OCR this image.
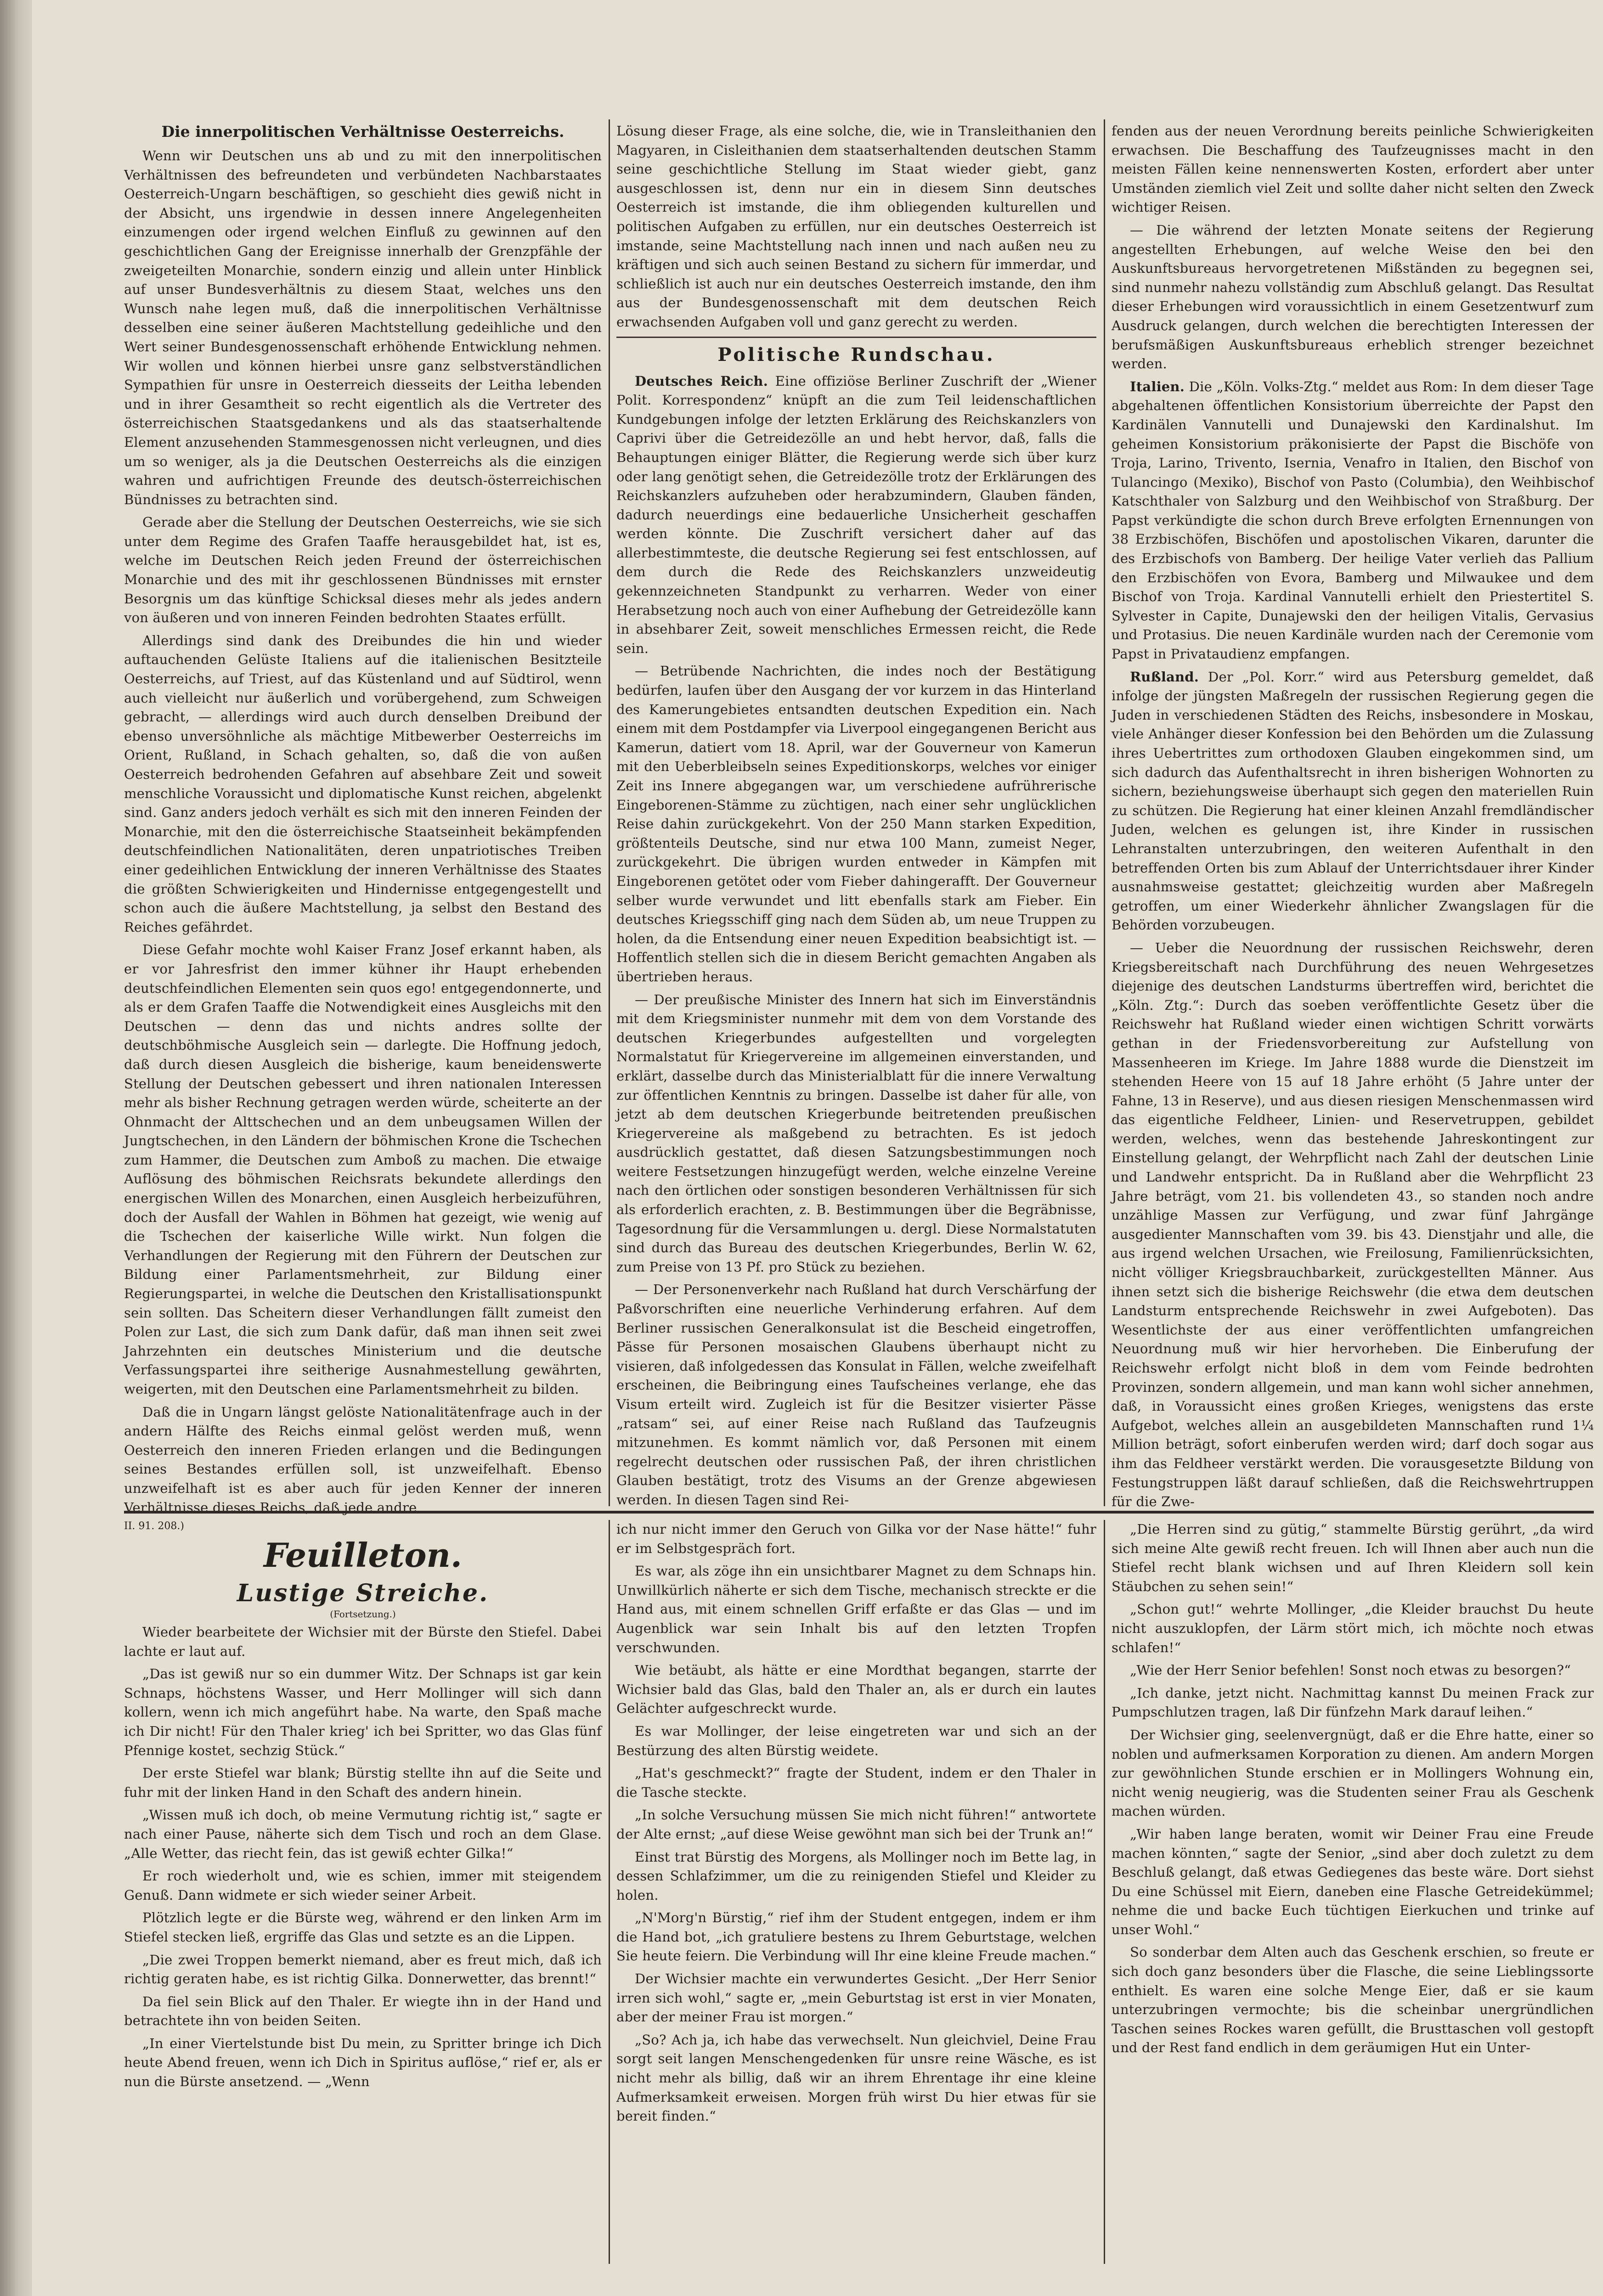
Die innerpolitischen Verhältnisse Oesterreichs.

Wenn wir Deutschen uns ab und zu mit den innerpolitischen Verhältnissen des befreundeten und verbündeten Nachbarstaates Oesterreich-Ungarn beschäftigen, so geschieht dies gewiß nicht in der Absicht, uns irgendwie in dessen innere Angelegenheiten einzumengen oder irgend welchen Einfluß zu gewinnen auf den geschichtlichen Gang der Ereignisse innerhalb der Grenzpfähle der zweigeteilten Monarchie, sondern einzig und allein unter Hinblick auf unser Bundesverhältnis zu diesem Staat, welches uns den Wunsch nahe legen muß, daß die innerpolitischen Verhältnisse desselben eine seiner äußeren Machtstellung gedeihliche und den Wert seiner Bundesgenossenschaft erhöhende Entwicklung nehmen. Wir wollen und können hierbei unsre ganz selbstverständlichen Sympathien für unsre in Oesterreich diesseits der Leitha lebenden und in ihrer Gesamtheit so recht eigentlich als die Vertreter des österreichischen Staatsgedankens und als das staatserhaltende Element anzusehenden Stammesgenossen nicht verleugnen, und dies um so weniger, als ja die Deutschen Oesterreichs als die einzigen wahren und aufrichtigen Freunde des deutsch-österreichischen Bündnisses zu betrachten sind.

Gerade aber die Stellung der Deutschen Oesterreichs, wie sie sich unter dem Regime des Grafen Taaffe herausgebildet hat, ist es, welche im Deutschen Reich jeden Freund der österreichischen Monarchie und des mit ihr geschlossenen Bündnisses mit ernster Besorgnis um das künftige Schicksal dieses mehr als jedes andern von äußeren und von inneren Feinden bedrohten Staates erfüllt.

Allerdings sind dank des Dreibundes die hin und wieder auftauchenden Gelüste Italiens auf die italienischen Besitzteile Oesterreichs, auf Triest, auf das Küstenland und auf Südtirol, wenn auch vielleicht nur äußerlich und vorübergehend, zum Schweigen gebracht, — allerdings wird auch durch denselben Dreibund der ebenso unversöhnliche als mächtige Mitbewerber Oesterreichs im Orient, Rußland, in Schach gehalten, so, daß die von außen Oesterreich bedrohenden Gefahren auf absehbare Zeit und soweit menschliche Voraussicht und diplomatische Kunst reichen, abgelenkt sind. Ganz anders jedoch verhält es sich mit den inneren Feinden der Monarchie, mit den die österreichische Staatseinheit bekämpfenden deutschfeindlichen Nationalitäten, deren unpatriotisches Treiben einer gedeihlichen Entwicklung der inneren Verhältnisse des Staates die größten Schwierigkeiten und Hindernisse entgegengestellt und schon auch die äußere Machtstellung, ja selbst den Bestand des Reiches gefährdet.

Diese Gefahr mochte wohl Kaiser Franz Josef erkannt haben, als er vor Jahresfrist den immer kühner ihr Haupt erhebenden deutschfeindlichen Elementen sein quos ego! entgegendonnerte, und als er dem Grafen Taaffe die Notwendigkeit eines Ausgleichs mit den Deutschen — denn das und nichts andres sollte der deutschböhmische Ausgleich sein — darlegte. Die Hoffnung jedoch, daß durch diesen Ausgleich die bisherige, kaum beneidenswerte Stellung der Deutschen gebessert und ihren nationalen Interessen mehr als bisher Rechnung getragen werden würde, scheiterte an der Ohnmacht der Alttschechen und an dem unbeugsamen Willen der Jungtschechen, in den Ländern der böhmischen Krone die Tschechen zum Hammer, die Deutschen zum Amboß zu machen. Die etwaige Auflösung des böhmischen Reichsrats bekundete allerdings den energischen Willen des Monarchen, einen Ausgleich herbeizuführen, doch der Ausfall der Wahlen in Böhmen hat gezeigt, wie wenig auf die Tschechen der kaiserliche Wille wirkt. Nun folgen die Verhandlungen der Regierung mit den Führern der Deutschen zur Bildung einer Parlamentsmehrheit, zur Bildung einer Regierungspartei, in welche die Deutschen den Kristallisationspunkt sein sollten. Das Scheitern dieser Verhandlungen fällt zumeist den Polen zur Last, die sich zum Dank dafür, daß man ihnen seit zwei Jahrzehnten ein deutsches Ministerium und die deutsche Verfassungspartei ihre seitherige Ausnahmestellung gewährten, weigerten, mit den Deutschen eine Parlamentsmehrheit zu bilden.

Daß die in Ungarn längst gelöste Nationalitätenfrage auch in der andern Hälfte des Reichs einmal gelöst werden muß, wenn Oesterreich den inneren Frieden erlangen und die Bedingungen seines Bestandes erfüllen soll, ist unzweifelhaft. Ebenso unzweifelhaft ist es aber auch für jeden Kenner der inneren Verhältnisse dieses Reichs, daß jede andre

Lösung dieser Frage, als eine solche, die, wie in Transleithanien den Magyaren, in Cisleithanien dem staatserhaltenden deutschen Stamm seine geschichtliche Stellung im Staat wieder giebt, ganz ausgeschlossen ist, denn nur ein in diesem Sinn deutsches Oesterreich ist imstande, die ihm obliegenden kulturellen und politischen Aufgaben zu erfüllen, nur ein deutsches Oesterreich ist imstande, seine Machtstellung nach innen und nach außen neu zu kräftigen und sich auch seinen Bestand zu sichern für immerdar, und schließlich ist auch nur ein deutsches Oesterreich imstande, den ihm aus der Bundesgenossenschaft mit dem deutschen Reich erwachsenden Aufgaben voll und ganz gerecht zu werden.

Politische Rundschau.

Deutsches Reich. Eine offiziöse Berliner Zuschrift der „Wiener Polit. Korrespondenz“ knüpft an die zum Teil leidenschaftlichen Kundgebungen infolge der letzten Erklärung des Reichskanzlers von Caprivi über die Getreidezölle an und hebt hervor, daß, falls die Behauptungen einiger Blätter, die Regierung werde sich über kurz oder lang genötigt sehen, die Getreidezölle trotz der Erklärungen des Reichskanzlers aufzuheben oder herabzumindern, Glauben fänden, dadurch neuerdings eine bedauerliche Unsicherheit geschaffen werden könnte. Die Zuschrift versichert daher auf das allerbestimmteste, die deutsche Regierung sei fest entschlossen, auf dem durch die Rede des Reichskanzlers unzweideutig gekennzeichneten Standpunkt zu verharren. Weder von einer Herabsetzung noch auch von einer Aufhebung der Getreidezölle kann in absehbarer Zeit, soweit menschliches Ermessen reicht, die Rede sein.

— Betrübende Nachrichten, die indes noch der Bestätigung bedürfen, laufen über den Ausgang der vor kurzem in das Hinterland des Kamerungebietes entsandten deutschen Expedition ein. Nach einem mit dem Postdampfer via Liverpool eingegangenen Bericht aus Kamerun, datiert vom 18. April, war der Gouverneur von Kamerun mit den Ueberbleibseln seines Expeditionskorps, welches vor einiger Zeit ins Innere abgegangen war, um verschiedene aufrührerische Eingeborenen-Stämme zu züchtigen, nach einer sehr unglücklichen Reise dahin zurückgekehrt. Von der 250 Mann starken Expedition, größtenteils Deutsche, sind nur etwa 100 Mann, zumeist Neger, zurückgekehrt. Die übrigen wurden entweder in Kämpfen mit Eingeborenen getötet oder vom Fieber dahingerafft. Der Gouverneur selber wurde verwundet und litt ebenfalls stark am Fieber. Ein deutsches Kriegsschiff ging nach dem Süden ab, um neue Truppen zu holen, da die Entsendung einer neuen Expedition beabsichtigt ist. — Hoffentlich stellen sich die in diesem Bericht gemachten Angaben als übertrieben heraus.

— Der preußische Minister des Innern hat sich im Einverständnis mit dem Kriegsminister nunmehr mit dem von dem Vorstande des deutschen Kriegerbundes aufgestellten und vorgelegten Normalstatut für Kriegervereine im allgemeinen einverstanden, und erklärt, dasselbe durch das Ministerialblatt für die innere Verwaltung zur öffentlichen Kenntnis zu bringen. Dasselbe ist daher für alle, von jetzt ab dem deutschen Kriegerbunde beitretenden preußischen Kriegervereine als maßgebend zu betrachten. Es ist jedoch ausdrücklich gestattet, daß diesen Satzungsbestimmungen noch weitere Festsetzungen hinzugefügt werden, welche einzelne Vereine nach den örtlichen oder sonstigen besonderen Verhältnissen für sich als erforderlich erachten, z. B. Bestimmungen über die Begräbnisse, Tagesordnung für die Versammlungen u. dergl. Diese Normalstatuten sind durch das Bureau des deutschen Kriegerbundes, Berlin W. 62, zum Preise von 13 Pf. pro Stück zu beziehen.

— Der Personenverkehr nach Rußland hat durch Verschärfung der Paßvorschriften eine neuerliche Verhinderung erfahren. Auf dem Berliner russischen Generalkonsulat ist die Bescheid eingetroffen, Pässe für Personen mosaischen Glaubens überhaupt nicht zu visieren, daß infolgedessen das Konsulat in Fällen, welche zweifelhaft erscheinen, die Beibringung eines Taufscheines verlange, ehe das Visum erteilt wird. Zugleich ist für die Besitzer visierter Pässe „ratsam“ sei, auf einer Reise nach Rußland das Taufzeugnis mitzunehmen. Es kommt nämlich vor, daß Personen mit einem regelrecht deutschen oder russischen Paß, der ihren christlichen Glauben bestätigt, trotz des Visums an der Grenze abgewiesen werden. In diesen Tagen sind Rei-

fenden aus der neuen Verordnung bereits peinliche Schwierigkeiten erwachsen. Die Beschaffung des Taufzeugnisses macht in den meisten Fällen keine nennenswerten Kosten, erfordert aber unter Umständen ziemlich viel Zeit und sollte daher nicht selten den Zweck wichtiger Reisen.

— Die während der letzten Monate seitens der Regierung angestellten Erhebungen, auf welche Weise den bei den Auskunftsbureaus hervorgetretenen Mißständen zu begegnen sei, sind nunmehr nahezu vollständig zum Abschluß gelangt. Das Resultat dieser Erhebungen wird voraussichtlich in einem Gesetzentwurf zum Ausdruck gelangen, durch welchen die berechtigten Interessen der berufsmäßigen Auskunftsbureaus erheblich strenger bezeichnet werden.

Italien. Die „Köln. Volks-Ztg.“ meldet aus Rom: In dem dieser Tage abgehaltenen öffentlichen Konsistorium überreichte der Papst den Kardinälen Vannutelli und Dunajewski den Kardinalshut. Im geheimen Konsistorium präkonisierte der Papst die Bischöfe von Troja, Larino, Trivento, Isernia, Venafro in Italien, den Bischof von Tulancingo (Mexiko), Bischof von Pasto (Columbia), den Weihbischof Katschthaler von Salzburg und den Weihbischof von Straßburg. Der Papst verkündigte die schon durch Breve erfolgten Ernennungen von 38 Erzbischöfen, Bischöfen und apostolischen Vikaren, darunter die des Erzbischofs von Bamberg. Der heilige Vater verlieh das Pallium den Erzbischöfen von Evora, Bamberg und Milwaukee und dem Bischof von Troja. Kardinal Vannutelli erhielt den Priestertitel S. Sylvester in Capite, Dunajewski den der heiligen Vitalis, Gervasius und Protasius. Die neuen Kardinäle wurden nach der Ceremonie vom Papst in Privataudienz empfangen.

Rußland. Der „Pol. Korr.“ wird aus Petersburg gemeldet, daß infolge der jüngsten Maßregeln der russischen Regierung gegen die Juden in verschiedenen Städten des Reichs, insbesondere in Moskau, viele Anhänger dieser Konfession bei den Behörden um die Zulassung ihres Uebertrittes zum orthodoxen Glauben eingekommen sind, um sich dadurch das Aufenthaltsrecht in ihren bisherigen Wohnorten zu sichern, beziehungsweise überhaupt sich gegen den materiellen Ruin zu schützen. Die Regierung hat einer kleinen Anzahl fremdländischer Juden, welchen es gelungen ist, ihre Kinder in russischen Lehranstalten unterzubringen, den weiteren Aufenthalt in den betreffenden Orten bis zum Ablauf der Unterrichtsdauer ihrer Kinder ausnahmsweise gestattet; gleichzeitig wurden aber Maßregeln getroffen, um einer Wiederkehr ähnlicher Zwangslagen für die Behörden vorzubeugen.

— Ueber die Neuordnung der russischen Reichswehr, deren Kriegsbereitschaft nach Durchführung des neuen Wehrgesetzes diejenige des deutschen Landsturms übertreffen wird, berichtet die „Köln. Ztg.“: Durch das soeben veröffentlichte Gesetz über die Reichswehr hat Rußland wieder einen wichtigen Schritt vorwärts gethan in der Friedensvorbereitung zur Aufstellung von Massenheeren im Kriege. Im Jahre 1888 wurde die Dienstzeit im stehenden Heere von 15 auf 18 Jahre erhöht (5 Jahre unter der Fahne, 13 in Reserve), und aus diesen riesigen Menschenmassen wird das eigentliche Feldheer, Linien- und Reservetruppen, gebildet werden, welches, wenn das bestehende Jahreskontingent zur Einstellung gelangt, der Wehrpflicht nach Zahl der deutschen Linie und Landwehr entspricht. Da in Rußland aber die Wehrpflicht 23 Jahre beträgt, vom 21. bis vollendeten 43., so standen noch andre unzählige Massen zur Verfügung, und zwar fünf Jahrgänge ausgedienter Mannschaften vom 39. bis 43. Dienstjahr und alle, die aus irgend welchen Ursachen, wie Freilosung, Familienrücksichten, nicht völliger Kriegsbrauchbarkeit, zurückgestellten Männer. Aus ihnen setzt sich die bisherige Reichswehr (die etwa dem deutschen Landsturm entsprechende Reichswehr in zwei Aufgeboten). Das Wesentlichste der aus einer veröffentlichten umfangreichen Neuordnung muß wir hier hervorheben. Die Einberufung der Reichswehr erfolgt nicht bloß in dem vom Feinde bedrohten Provinzen, sondern allgemein, und man kann wohl sicher annehmen, daß, in Voraussicht eines großen Krieges, wenigstens das erste Aufgebot, welches allein an ausgebildeten Mannschaften rund 1¼ Million beträgt, sofort einberufen werden wird; darf doch sogar aus ihm das Feldheer verstärkt werden. Die vorausgesetzte Bildung von Festungstruppen läßt darauf schließen, daß die Reichswehrtruppen für die Zwe-

II. 91. 208.)
Feuilleton.
Lustige Streiche.
(Fortsetzung.)

Wieder bearbeitete der Wichsier mit der Bürste den Stiefel. Dabei lachte er laut auf.

„Das ist gewiß nur so ein dummer Witz. Der Schnaps ist gar kein Schnaps, höchstens Wasser, und Herr Mollinger will sich dann kollern, wenn ich mich angeführt habe. Na warte, den Spaß mache ich Dir nicht! Für den Thaler krieg' ich bei Spritter, wo das Glas fünf Pfennige kostet, sechzig Stück.“

Der erste Stiefel war blank; Bürstig stellte ihn auf die Seite und fuhr mit der linken Hand in den Schaft des andern hinein.

„Wissen muß ich doch, ob meine Vermutung richtig ist,“ sagte er nach einer Pause, näherte sich dem Tisch und roch an dem Glase. „Alle Wetter, das riecht fein, das ist gewiß echter Gilka!“

Er roch wiederholt und, wie es schien, immer mit steigendem Genuß. Dann widmete er sich wieder seiner Arbeit.

Plötzlich legte er die Bürste weg, während er den linken Arm im Stiefel stecken ließ, ergriffe das Glas und setzte es an die Lippen.

„Die zwei Troppen bemerkt niemand, aber es freut mich, daß ich richtig geraten habe, es ist richtig Gilka. Donnerwetter, das brennt!“

Da fiel sein Blick auf den Thaler. Er wiegte ihn in der Hand und betrachtete ihn von beiden Seiten.

„In einer Viertelstunde bist Du mein, zu Spritter bringe ich Dich heute Abend freuen, wenn ich Dich in Spiritus auflöse,“ rief er, als er nun die Bürste ansetzend. — „Wenn

ich nur nicht immer den Geruch von Gilka vor der Nase hätte!“ fuhr er im Selbstgespräch fort.

Es war, als zöge ihn ein unsichtbarer Magnet zu dem Schnaps hin. Unwillkürlich näherte er sich dem Tische, mechanisch streckte er die Hand aus, mit einem schnellen Griff erfaßte er das Glas — und im Augenblick war sein Inhalt bis auf den letzten Tropfen verschwunden.

Wie betäubt, als hätte er eine Mordthat begangen, starrte der Wichsier bald das Glas, bald den Thaler an, als er durch ein lautes Gelächter aufgeschreckt wurde.

Es war Mollinger, der leise eingetreten war und sich an der Bestürzung des alten Bürstig weidete.

„Hat's geschmeckt?“ fragte der Student, indem er den Thaler in die Tasche steckte.

„In solche Versuchung müssen Sie mich nicht führen!“ antwortete der Alte ernst; „auf diese Weise gewöhnt man sich bei der Trunk an!“

Einst trat Bürstig des Morgens, als Mollinger noch im Bette lag, in dessen Schlafzimmer, um die zu reinigenden Stiefel und Kleider zu holen.

„N'Morg'n Bürstig,“ rief ihm der Student entgegen, indem er ihm die Hand bot, „ich gratuliere bestens zu Ihrem Geburtstage, welchen Sie heute feiern. Die Verbindung will Ihr eine kleine Freude machen.“

Der Wichsier machte ein verwundertes Gesicht. „Der Herr Senior irren sich wohl,“ sagte er, „mein Geburtstag ist erst in vier Monaten, aber der meiner Frau ist morgen.“

„So? Ach ja, ich habe das verwechselt. Nun gleichviel, Deine Frau sorgt seit langen Menschengedenken für unsre reine Wäsche, es ist nicht mehr als billig, daß wir an ihrem Ehrentage ihr eine kleine Aufmerksamkeit erweisen. Morgen früh wirst Du hier etwas für sie bereit finden.“

„Die Herren sind zu gütig,“ stammelte Bürstig gerührt, „da wird sich meine Alte gewiß recht freuen. Ich will Ihnen aber auch nun die Stiefel recht blank wichsen und auf Ihren Kleidern soll kein Stäubchen zu sehen sein!“

„Schon gut!“ wehrte Mollinger, „die Kleider brauchst Du heute nicht auszuklopfen, der Lärm stört mich, ich möchte noch etwas schlafen!“

„Wie der Herr Senior befehlen! Sonst noch etwas zu besorgen?“

„Ich danke, jetzt nicht. Nachmittag kannst Du meinen Frack zur Pumpschlutzen tragen, laß Dir fünfzehn Mark darauf leihen.“

Der Wichsier ging, seelenvergnügt, daß er die Ehre hatte, einer so noblen und aufmerksamen Korporation zu dienen. Am andern Morgen zur gewöhnlichen Stunde erschien er in Mollingers Wohnung ein, nicht wenig neugierig, was die Studenten seiner Frau als Geschenk machen würden.

„Wir haben lange beraten, womit wir Deiner Frau eine Freude machen könnten,“ sagte der Senior, „sind aber doch zuletzt zu dem Beschluß gelangt, daß etwas Gediegenes das beste wäre. Dort siehst Du eine Schüssel mit Eiern, daneben eine Flasche Getreidekümmel; nehme die und backe Euch tüchtigen Eierkuchen und trinke auf unser Wohl.“

So sonderbar dem Alten auch das Geschenk erschien, so freute er sich doch ganz besonders über die Flasche, die seine Lieblingssorte enthielt. Es waren eine solche Menge Eier, daß er sie kaum unterzubringen vermochte; bis die scheinbar unergründlichen Taschen seines Rockes waren gefüllt, die Brusttaschen voll gestopft und der Rest fand endlich in dem geräumigen Hut ein Unter-
